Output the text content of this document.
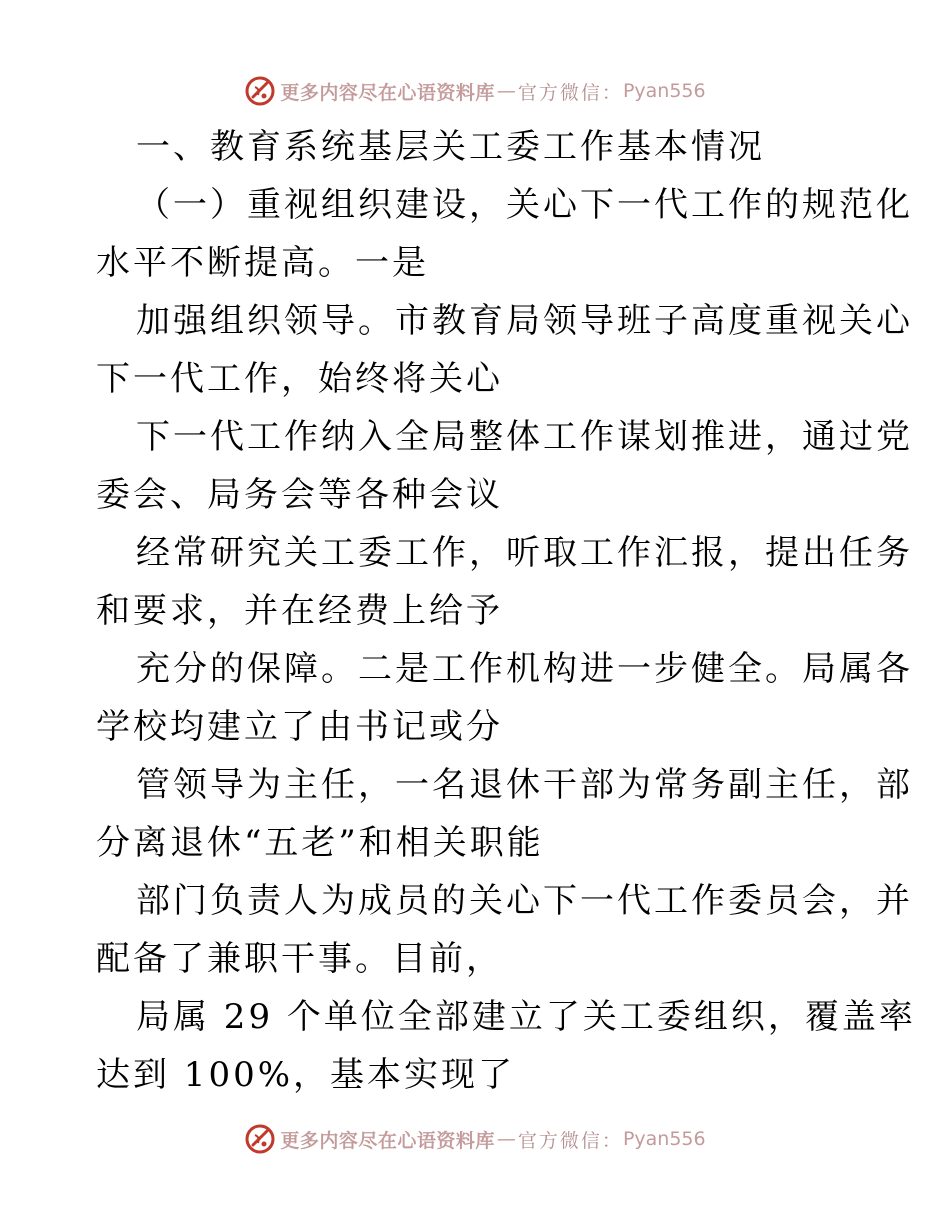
更多内容尽在心语资料库 — 官方微信： Pyan556
一、教育系统基层关工委工作基本情况
（一）重视组织建设，关心下一代工作的规范化
水平不断提高。一是
加强组织领导。市教育局领导班子高度重视关心
下一代工作，始终将关心
下一代工作纳入全局整体工作谋划推进，通过党
委会、局务会等各种会议
经常研究关工委工作，听取工作汇报，提出任务
和要求，并在经费上给予
充分的保障。二是工作机构进一步健全。局属各
学校均建立了由书记或分
管领导为主任，一名退休干部为常务副主任，部
分离退休“五老”和相关职能
部门负责人为成员的关心下一代工作委员会，并
配备了兼职干事。目前，
局属 29 个单位全部建立了关工委组织，覆盖率
达到 100%，基本实现了
更多内容尽在心语资料库 — 官方微信： Pyan556
